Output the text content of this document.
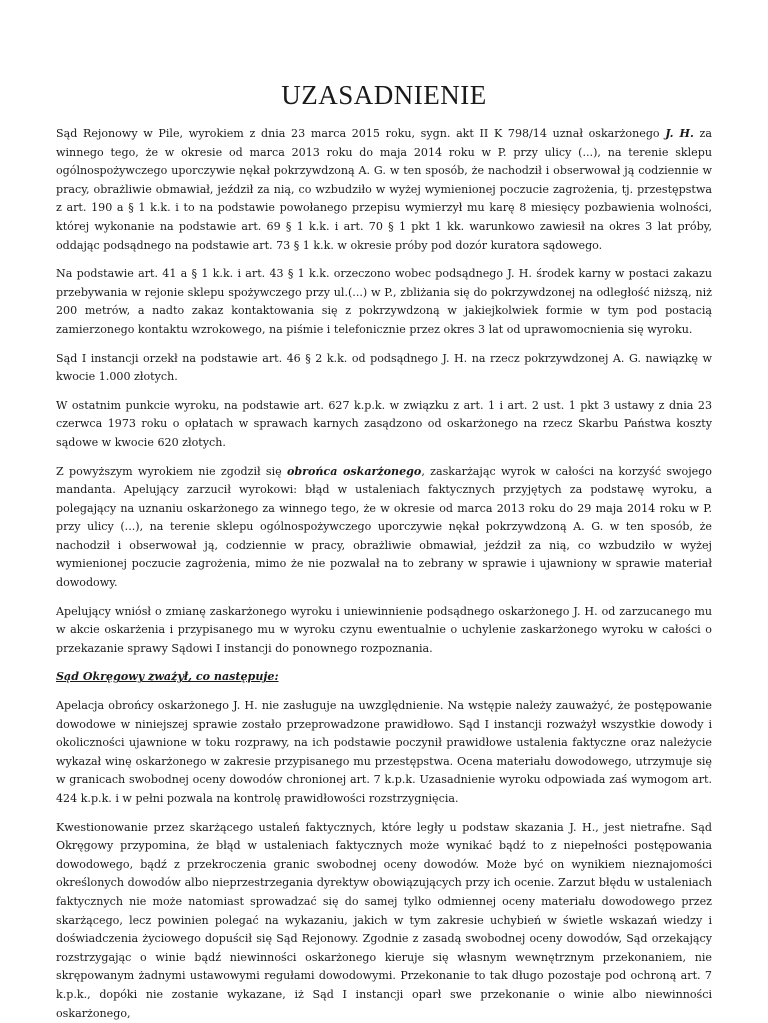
UZASADNIENIE

Sąd Rejonowy w Pile, wyrokiem z dnia 23 marca 2015 roku, sygn. akt II K 798/14 uznał oskarżonego J. H. za winnego tego, że w okresie od marca 2013 roku do maja 2014 roku w P. przy ulicy (...), na terenie sklepu ogólnospożywczego uporczywie nękał pokrzywdzoną A. G. w ten sposób, że nachodził i obserwował ją codziennie w pracy, obrażliwie obmawiał, jeździł za nią, co wzbudziło w wyżej wymienionej poczucie zagrożenia, tj. przestępstwa z art. 190 a § 1 k.k. i to na podstawie powołanego przepisu wymierzył mu karę 8 miesięcy pozbawienia wolności, której wykonanie na podstawie art. 69 § 1 k.k. i art. 70 § 1 pkt 1 kk. warunkowo zawiesił na okres 3 lat próby, oddając podsądnego na podstawie art. 73 § 1 k.k. w okresie próby pod dozór kuratora sądowego.

Na podstawie art. 41 a § 1 k.k. i art. 43 § 1 k.k. orzeczono wobec podsądnego J. H. środek karny w postaci zakazu przebywania w rejonie sklepu spożywczego przy ul.(...) w P., zbliżania się do pokrzywdzonej na odległość niższą, niż 200 metrów, a nadto zakaz kontaktowania się z pokrzywdzoną w jakiejkolwiek formie w tym pod postacią zamierzonego kontaktu wzrokowego, na piśmie i telefonicznie przez okres 3 lat od uprawomocnienia się wyroku.

Sąd I instancji orzekł na podstawie art. 46 § 2 k.k. od podsądnego J. H. na rzecz pokrzywdzonej A. G. nawiązkę w kwocie 1.000 złotych.

W ostatnim punkcie wyroku, na podstawie art. 627 k.p.k. w związku z art. 1 i art. 2 ust. 1 pkt 3 ustawy z dnia 23 czerwca 1973 roku o opłatach w sprawach karnych zasądzono od oskarżonego na rzecz Skarbu Państwa koszty sądowe w kwocie 620 złotych.

Z powyższym wyrokiem nie zgodził się obrońca oskarżonego, zaskarżając wyrok w całości na korzyść swojego mandanta. Apelujący zarzucił wyrokowi: błąd w ustaleniach faktycznych przyjętych za podstawę wyroku, a polegający na uznaniu oskarżonego za winnego tego, że w okresie od marca 2013 roku do 29 maja 2014 roku w P. przy ulicy (...), na terenie sklepu ogólnospożywczego uporczywie nękał pokrzywdzoną A. G. w ten sposób, że nachodził i obserwował ją, codziennie w pracy, obrażliwie obmawiał, jeździł za nią, co wzbudziło w wyżej wymienionej poczucie zagrożenia, mimo że nie pozwalał na to zebrany w sprawie i ujawniony w sprawie materiał dowodowy.

Apelujący wniósł o zmianę zaskarżonego wyroku i uniewinnienie podsądnego oskarżonego J. H. od zarzucanego mu w akcie oskarżenia i przypisanego mu w wyroku czynu ewentualnie o uchylenie zaskarżonego wyroku w całości o przekazanie sprawy Sądowi I instancji do ponownego rozpoznania.

Sąd Okręgowy zważył, co następuje:

Apelacja obrońcy oskarżonego J. H. nie zasługuje na uwzględnienie. Na wstępie należy zauważyć, że postępowanie dowodowe w niniejszej sprawie zostało przeprowadzone prawidłowo. Sąd I instancji rozważył wszystkie dowody i okoliczności ujawnione w toku rozprawy, na ich podstawie poczynił prawidłowe ustalenia faktyczne oraz należycie wykazał winę oskarżonego w zakresie przypisanego mu przestępstwa. Ocena materiału dowodowego, utrzymuje się w granicach swobodnej oceny dowodów chronionej art. 7 k.p.k. Uzasadnienie wyroku odpowiada zaś wymogom art. 424 k.p.k. i w pełni pozwala na kontrolę prawidłowości rozstrzygnięcia.

Kwestionowanie przez skarżącego ustaleń faktycznych, które legły u podstaw skazania J. H., jest nietrafne. Sąd Okręgowy przypomina, że błąd w ustaleniach faktycznych może wynikać bądź to z niepełności postępowania dowodowego, bądź z przekroczenia granic swobodnej oceny dowodów. Może być on wynikiem nieznajomości określonych dowodów albo nieprzestrzegania dyrektyw obowiązujących przy ich ocenie. Zarzut błędu w ustaleniach faktycznych nie może natomiast sprowadzać się do samej tylko odmiennej oceny materiału dowodowego przez skarżącego, lecz powinien polegać na wykazaniu, jakich w tym zakresie uchybień w świetle wskazań wiedzy i doświadczenia życiowego dopuścił się Sąd Rejonowy. Zgodnie z zasadą swobodnej oceny dowodów, Sąd orzekający rozstrzygając o winie bądź niewinności oskarżonego kieruje się własnym wewnętrznym przekonaniem, nie skrępowanym żadnymi ustawowymi regułami dowodowymi. Przekonanie to tak długo pozostaje pod ochroną art. 7 k.p.k., dopóki nie zostanie wykazane, iż Sąd I instancji oparł swe przekonanie o winie albo niewinności oskarżonego,
